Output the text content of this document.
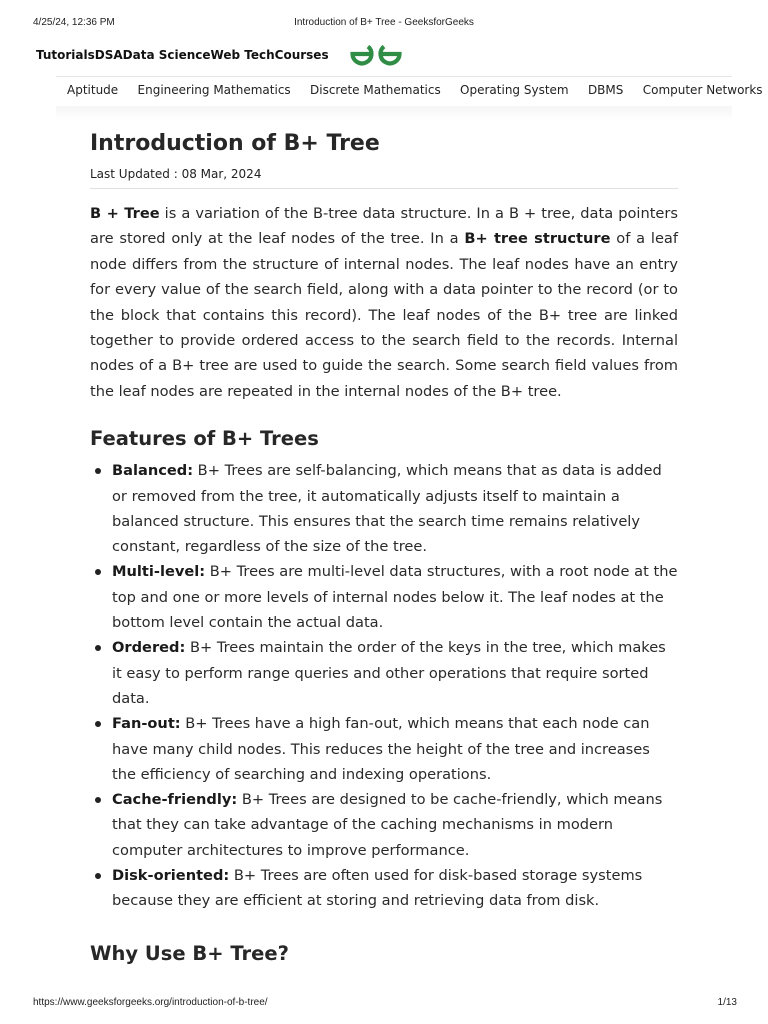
4/25/24, 12:36 PM	Introduction of B+ Tree - GeeksforGeeks
TutorialsDSAData ScienceWeb TechCourses
Aptitude Engineering Mathematics Discrete Mathematics Operating System DBMS Computer Networks
Introduction of B+ Tree
Last Updated : 08 Mar, 2024

B + Tree is a variation of the B-tree data structure. In a B + tree, data pointers are stored only at the leaf nodes of the tree. In a B+ tree structure of a leaf node differs from the structure of internal nodes. The leaf nodes have an entry for every value of the search field, along with a data pointer to the record (or to the block that contains this record). The leaf nodes of the B+ tree are linked together to provide ordered access to the search field to the records. Internal nodes of a B+ tree are used to guide the search. Some search field values from the leaf nodes are repeated in the internal nodes of the B+ tree.

Features of B+ Trees
Balanced: B+ Trees are self-balancing, which means that as data is added or removed from the tree, it automatically adjusts itself to maintain a balanced structure. This ensures that the search time remains relatively constant, regardless of the size of the tree.
Multi-level: B+ Trees are multi-level data structures, with a root node at the top and one or more levels of internal nodes below it. The leaf nodes at the bottom level contain the actual data.
Ordered: B+ Trees maintain the order of the keys in the tree, which makes it easy to perform range queries and other operations that require sorted data.
Fan-out: B+ Trees have a high fan-out, which means that each node can have many child nodes. This reduces the height of the tree and increases the efficiency of searching and indexing operations.
Cache-friendly: B+ Trees are designed to be cache-friendly, which means that they can take advantage of the caching mechanisms in modern computer architectures to improve performance.
Disk-oriented: B+ Trees are often used for disk-based storage systems because they are efficient at storing and retrieving data from disk.
Why Use B+ Tree?
https://www.geeksforgeeks.org/introduction-of-b-tree/	1/13
